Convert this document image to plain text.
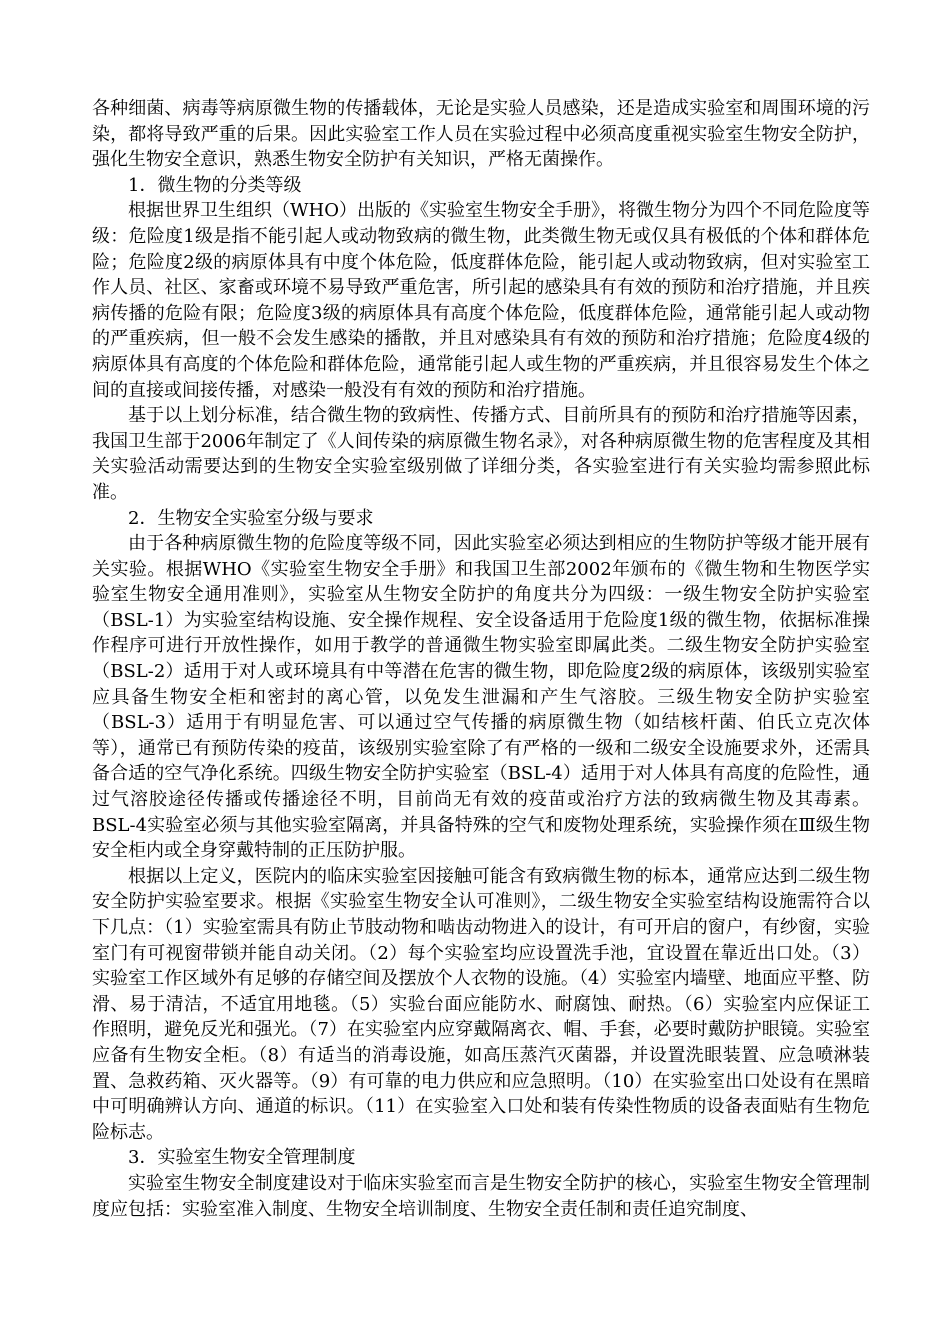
各种细菌、病毒等病原微生物的传播载体，无论是实验人员感染，还是造成实验室和周围环境的污染，都将导致严重的后果。因此实验室工作人员在实验过程中必须高度重视实验室生物安全防护，强化生物安全意识，熟悉生物安全防护有关知识，严格无菌操作。

1．微生物的分类等级

根据世界卫生组织（WHO）出版的《实验室生物安全手册》，将微生物分为四个不同危险度等级：危险度1级是指不能引起人或动物致病的微生物，此类微生物无或仅具有极低的个体和群体危险；危险度2级的病原体具有中度个体危险，低度群体危险，能引起人或动物致病，但对实验室工作人员、社区、家畜或环境不易导致严重危害，所引起的感染具有有效的预防和治疗措施，并且疾病传播的危险有限；危险度3级的病原体具有高度个体危险，低度群体危险，通常能引起人或动物的严重疾病，但一般不会发生感染的播散，并且对感染具有有效的预防和治疗措施；危险度4级的病原体具有高度的个体危险和群体危险，通常能引起人或生物的严重疾病，并且很容易发生个体之间的直接或间接传播，对感染一般没有有效的预防和治疗措施。

基于以上划分标准，结合微生物的致病性、传播方式、目前所具有的预防和治疗措施等因素，我国卫生部于2006年制定了《人间传染的病原微生物名录》，对各种病原微生物的危害程度及其相关实验活动需要达到的生物安全实验室级别做了详细分类，各实验室进行有关实验均需参照此标准。

2．生物安全实验室分级与要求

由于各种病原微生物的危险度等级不同，因此实验室必须达到相应的生物防护等级才能开展有关实验。根据WHO《实验室生物安全手册》和我国卫生部2002年颁布的《微生物和生物医学实验室生物安全通用准则》，实验室从生物安全防护的角度共分为四级：一级生物安全防护实验室（BSL-1）为实验室结构设施、安全操作规程、安全设备适用于危险度1级的微生物，依据标准操作程序可进行开放性操作，如用于教学的普通微生物实验室即属此类。二级生物安全防护实验室（BSL-2）适用于对人或环境具有中等潜在危害的微生物，即危险度2级的病原体，该级别实验室应具备生物安全柜和密封的离心管，以免发生泄漏和产生气溶胶。三级生物安全防护实验室（BSL-3）适用于有明显危害、可以通过空气传播的病原微生物（如结核杆菌、伯氏立克次体等），通常已有预防传染的疫苗，该级别实验室除了有严格的一级和二级安全设施要求外，还需具备合适的空气净化系统。四级生物安全防护实验室（BSL-4）适用于对人体具有高度的危险性，通过气溶胶途径传播或传播途径不明，目前尚无有效的疫苗或治疗方法的致病微生物及其毒素。BSL-4实验室必须与其他实验室隔离，并具备特殊的空气和废物处理系统，实验操作须在Ⅲ级生物安全柜内或全身穿戴特制的正压防护服。

根据以上定义，医院内的临床实验室因接触可能含有致病微生物的标本，通常应达到二级生物安全防护实验室要求。根据《实验室生物安全认可准则》，二级生物安全实验室结构设施需符合以下几点：（1）实验室需具有防止节肢动物和啮齿动物进入的设计，有可开启的窗户，有纱窗，实验室门有可视窗带锁并能自动关闭。（2）每个实验室均应设置洗手池，宜设置在靠近出口处。（3）实验室工作区域外有足够的存储空间及摆放个人衣物的设施。（4）实验室内墙壁、地面应平整、防滑、易于清洁，不适宜用地毯。（5）实验台面应能防水、耐腐蚀、耐热。（6）实验室内应保证工作照明，避免反光和强光。（7）在实验室内应穿戴隔离衣、帽、手套，必要时戴防护眼镜。实验室应备有生物安全柜。（8）有适当的消毒设施，如高压蒸汽灭菌器，并设置洗眼装置、应急喷淋装置、急救药箱、灭火器等。（9）有可靠的电力供应和应急照明。（10）在实验室出口处设有在黑暗中可明确辨认方向、通道的标识。（11）在实验室入口处和装有传染性物质的设备表面贴有生物危险标志。

3．实验室生物安全管理制度

实验室生物安全制度建设对于临床实验室而言是生物安全防护的核心，实验室生物安全管理制度应包括：实验室准入制度、生物安全培训制度、生物安全责任制和责任追究制度、
